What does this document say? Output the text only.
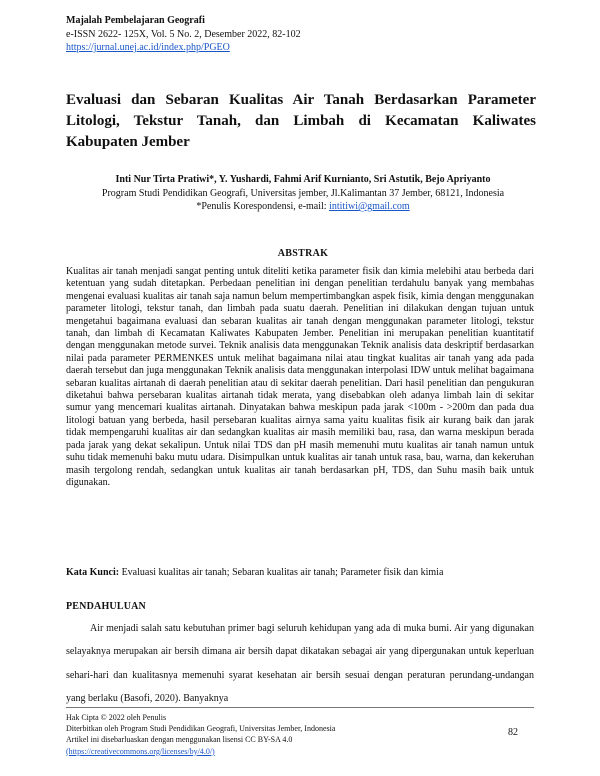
Majalah Pembelajaran Geografi
e-ISSN 2622- 125X, Vol. 5 No. 2, Desember 2022, 82-102
https://jurnal.unej.ac.id/index.php/PGEO
Evaluasi dan Sebaran Kualitas Air Tanah Berdasarkan Parameter Litologi, Tekstur Tanah, dan Limbah di Kecamatan Kaliwates Kabupaten Jember
Inti Nur Tirta Pratiwi*, Y. Yushardi, Fahmi Arif Kurnianto, Sri Astutik, Bejo Apriyanto
Program Studi Pendidikan Geografi, Universitas jember, Jl.Kalimantan 37 Jember, 68121, Indonesia
*Penulis Korespondensi, e-mail: intitiwi@gmail.com
ABSTRAK
Kualitas air tanah menjadi sangat penting untuk diteliti ketika parameter fisik dan kimia melebihi atau berbeda dari ketentuan yang sudah ditetapkan. Perbedaan penelitian ini dengan penelitian terdahulu banyak yang membahas mengenai evaluasi kualitas air tanah saja namun belum mempertimbangkan aspek fisik, kimia dengan menggunakan parameter litologi, tekstur tanah, dan limbah pada suatu daerah. Penelitian ini dilakukan dengan tujuan untuk mengetahui bagaimana evaluasi dan sebaran kualitas air tanah dengan menggunakan parameter litologi, tekstur tanah, dan limbah di Kecamatan Kaliwates Kabupaten Jember. Penelitian ini merupakan penelitian kuantitatif dengan menggunakan metode survei. Teknik analisis data menggunakan Teknik analisis data deskriptif berdasarkan nilai pada parameter PERMENKES untuk melihat bagaimana nilai atau tingkat kualitas air tanah yang ada pada daerah tersebut dan juga menggunakan Teknik analisis data menggunakan interpolasi IDW untuk melihat bagaimana sebaran kualitas airtanah di daerah penelitian atau di sekitar daerah penelitian. Dari hasil penelitian dan pengukuran diketahui bahwa persebaran kualitas airtanah tidak merata, yang disebabkan oleh adanya limbah lain di sekitar sumur yang mencemari kualitas airtanah. Dinyatakan bahwa meskipun pada jarak <100m - >200m dan pada dua litologi batuan yang berbeda, hasil persebaran kualitas airnya sama yaitu kualitas fisik air kurang baik dan jarak tidak mempengaruhi kualitas air dan sedangkan kualitas air masih memiliki bau, rasa, dan warna meskipun berada pada jarak yang dekat sekalipun. Untuk nilai TDS dan pH masih memenuhi mutu kualitas air tanah namun untuk suhu tidak memenuhi baku mutu udara. Disimpulkan untuk kualitas air tanah untuk rasa, bau, warna, dan kekeruhan masih tergolong rendah, sedangkan untuk kualitas air tanah berdasarkan pH, TDS, dan Suhu masih baik untuk digunakan.
Kata Kunci: Evaluasi kualitas air tanah; Sebaran kualitas air tanah; Parameter fisik dan kimia
PENDAHULUAN
Air menjadi salah satu kebutuhan primer bagi seluruh kehidupan yang ada di muka bumi. Air yang digunakan selayaknya merupakan air bersih dimana air bersih dapat dikatakan sebagai air yang dipergunakan untuk keperluan sehari-hari dan kualitasnya memenuhi syarat kesehatan air bersih sesuai dengan peraturan perundang-undangan yang berlaku (Basofi, 2020). Banyaknya
Hak Cipta © 2022 oleh Penulis
Diterbitkan oleh Program Studi Pendidikan Geografi, Universitas Jember, Indonesia
Artikel ini disebarluaskan dengan menggunakan lisensi CC BY-SA 4.0
(https://creativecommons.org/licenses/by/4.0/)
82
